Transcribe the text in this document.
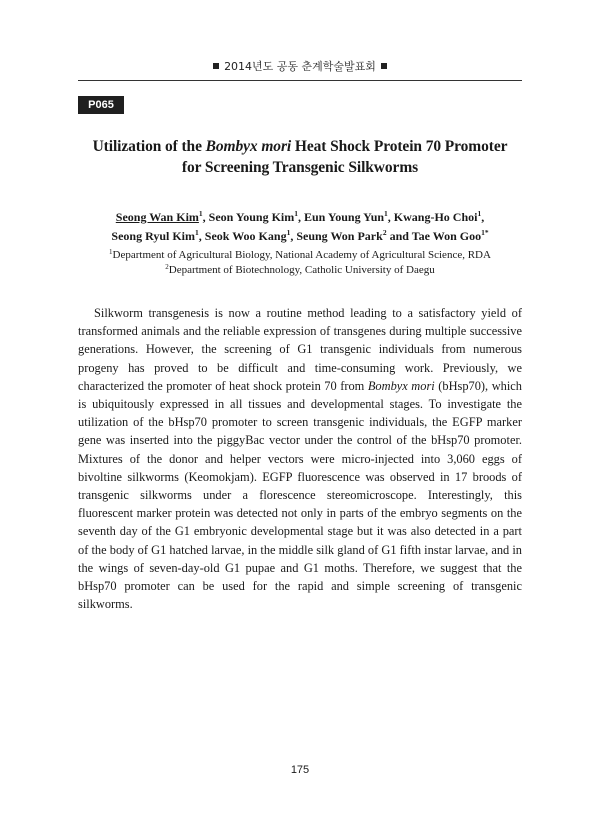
2014년도 공동 춘계학술발표회
P065
Utilization of the Bombyx mori Heat Shock Protein 70 Promoter
for Screening Transgenic Silkworms
Seong Wan Kim$^1$, Seon Young Kim$^1$, Eun Young Yun$^1$, Kwang-Ho Choi$^1$,
Seong Ryul Kim$^1$, Seok Woo Kang$^1$, Seung Won Park$^2$ and Tae Won Goo$^{1*}$
$^1$Department of Agricultural Biology, National Academy of Agricultural Science, RDA
$^2$Department of Biotechnology, Catholic University of Daegu
Silkworm transgenesis is now a routine method leading to a satisfactory yield of transformed animals and the reliable expression of transgenes during multiple successive generations. However, the screening of G1 transgenic individuals from numerous progeny has proved to be difficult and time-consuming work. Previously, we characterized the promoter of heat shock protein 70 from Bombyx mori (bHsp70), which is ubiquitously expressed in all tissues and developmental stages. To investigate the utilization of the bHsp70 promoter to screen transgenic individuals, the EGFP marker gene was inserted into the piggyBac vector under the control of the bHsp70 promoter. Mixtures of the donor and helper vectors were micro-injected into 3,060 eggs of bivoltine silkworms (Keomokjam). EGFP fluorescence was observed in 17 broods of transgenic silkworms under a florescence stereomicroscope. Interestingly, this fluorescent marker protein was detected not only in parts of the embryo segments on the seventh day of the G1 embryonic developmental stage but it was also detected in a part of the body of G1 hatched larvae, in the middle silk gland of G1 fifth instar larvae, and in the wings of seven-day-old G1 pupae and G1 moths. Therefore, we suggest that the bHsp70 promoter can be used for the rapid and simple screening of transgenic silkworms.
175
